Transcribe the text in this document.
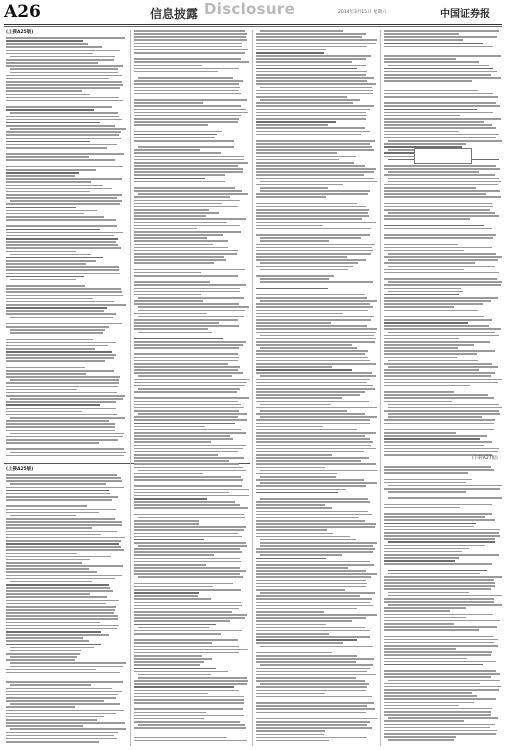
A26	信息披露 Disclosure	2014年3月15日 星期六	中国证券报
(上接A25版)
(上接A25版)
(下转A27版)
